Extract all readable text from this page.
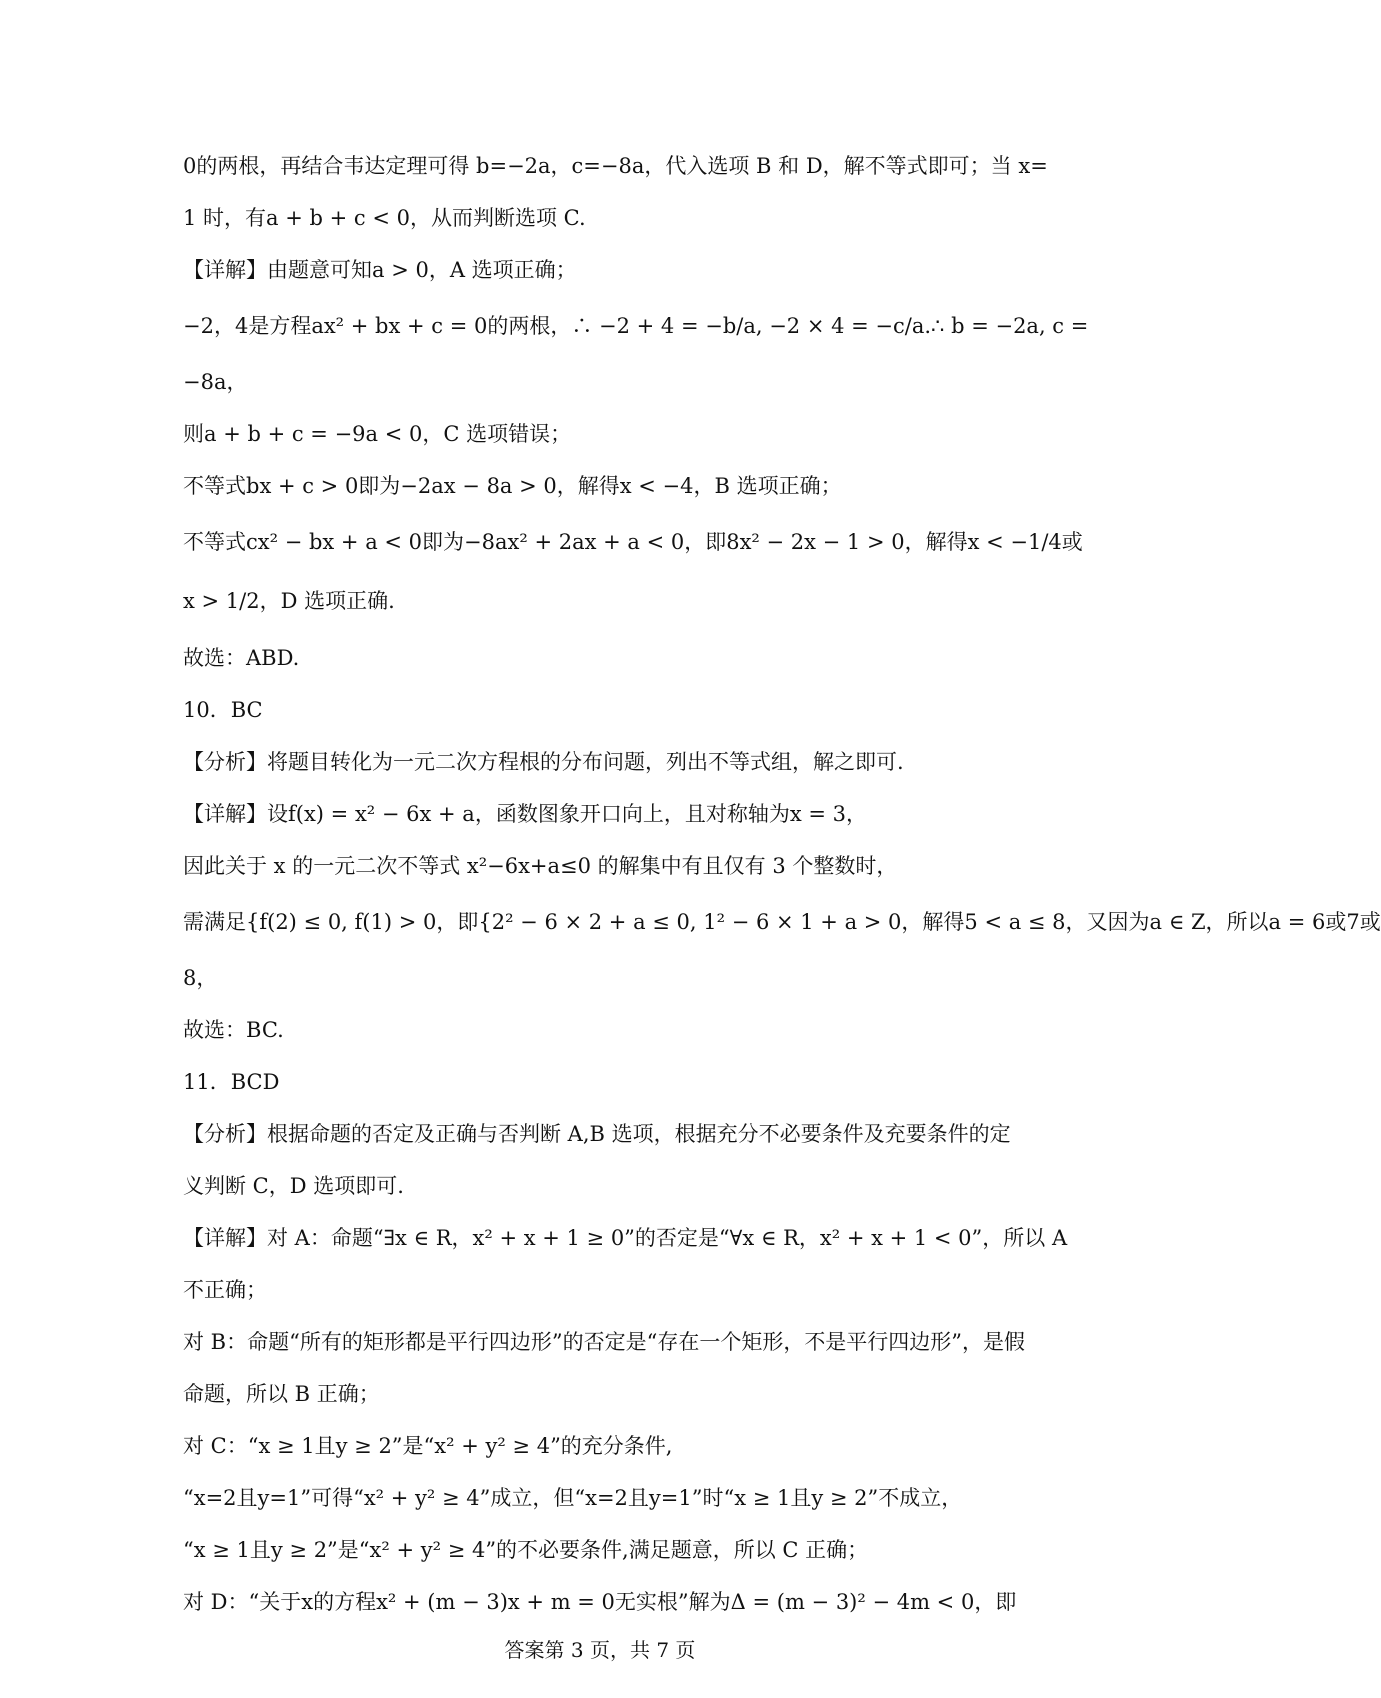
0的两根，再结合韦达定理可得 b=−2a，c=−8a，代入选项 B 和 D，解不等式即可；当 x=
1 时，有a + b + c < 0，从而判断选项 C.
【详解】由题意可知a > 0，A 选项正确；
−2，4是方程ax² + bx + c = 0的两根，∴ −2 + 4 = −b/a, −2 × 4 = −c/a.∴ b = −2a, c =
−8a，
则a + b + c = −9a < 0，C 选项错误；
不等式bx + c > 0即为−2ax − 8a > 0，解得x < −4，B 选项正确；
不等式cx² − bx + a < 0即为−8ax² + 2ax + a < 0，即8x² − 2x − 1 > 0，解得x < −1/4或
x > 1/2，D 选项正确.
故选：ABD.
10．BC
【分析】将题目转化为一元二次方程根的分布问题，列出不等式组，解之即可.
【详解】设f(x) = x² − 6x + a，函数图象开口向上，且对称轴为x = 3，
因此关于 x 的一元二次不等式 x²−6x+a≤0 的解集中有且仅有 3 个整数时，
需满足{f(2) ≤ 0, f(1) > 0，即{2² − 6 × 2 + a ≤ 0, 1² − 6 × 1 + a > 0，解得5 < a ≤ 8，又因为a ∈ Z，所以a = 6或7或
8，
故选：BC.
11．BCD
【分析】根据命题的否定及正确与否判断 A,B 选项，根据充分不必要条件及充要条件的定
义判断 C，D 选项即可.
【详解】对 A：命题“∃x ∈ R，x² + x + 1 ≥ 0”的否定是“∀x ∈ R，x² + x + 1 < 0”，所以 A
不正确；
对 B：命题“所有的矩形都是平行四边形”的否定是“存在一个矩形，不是平行四边形”，是假
命题，所以 B 正确；
对 C：“x ≥ 1且y ≥ 2”是“x² + y² ≥ 4”的充分条件,
“x=2且y=1”可得“x² + y² ≥ 4”成立，但“x=2且y=1”时“x ≥ 1且y ≥ 2”不成立，
“x ≥ 1且y ≥ 2”是“x² + y² ≥ 4”的不必要条件,满足题意，所以 C 正确；
对 D：“关于x的方程x² + (m − 3)x + m = 0无实根”解为Δ = (m − 3)² − 4m < 0，即
答案第 3 页，共 7 页
